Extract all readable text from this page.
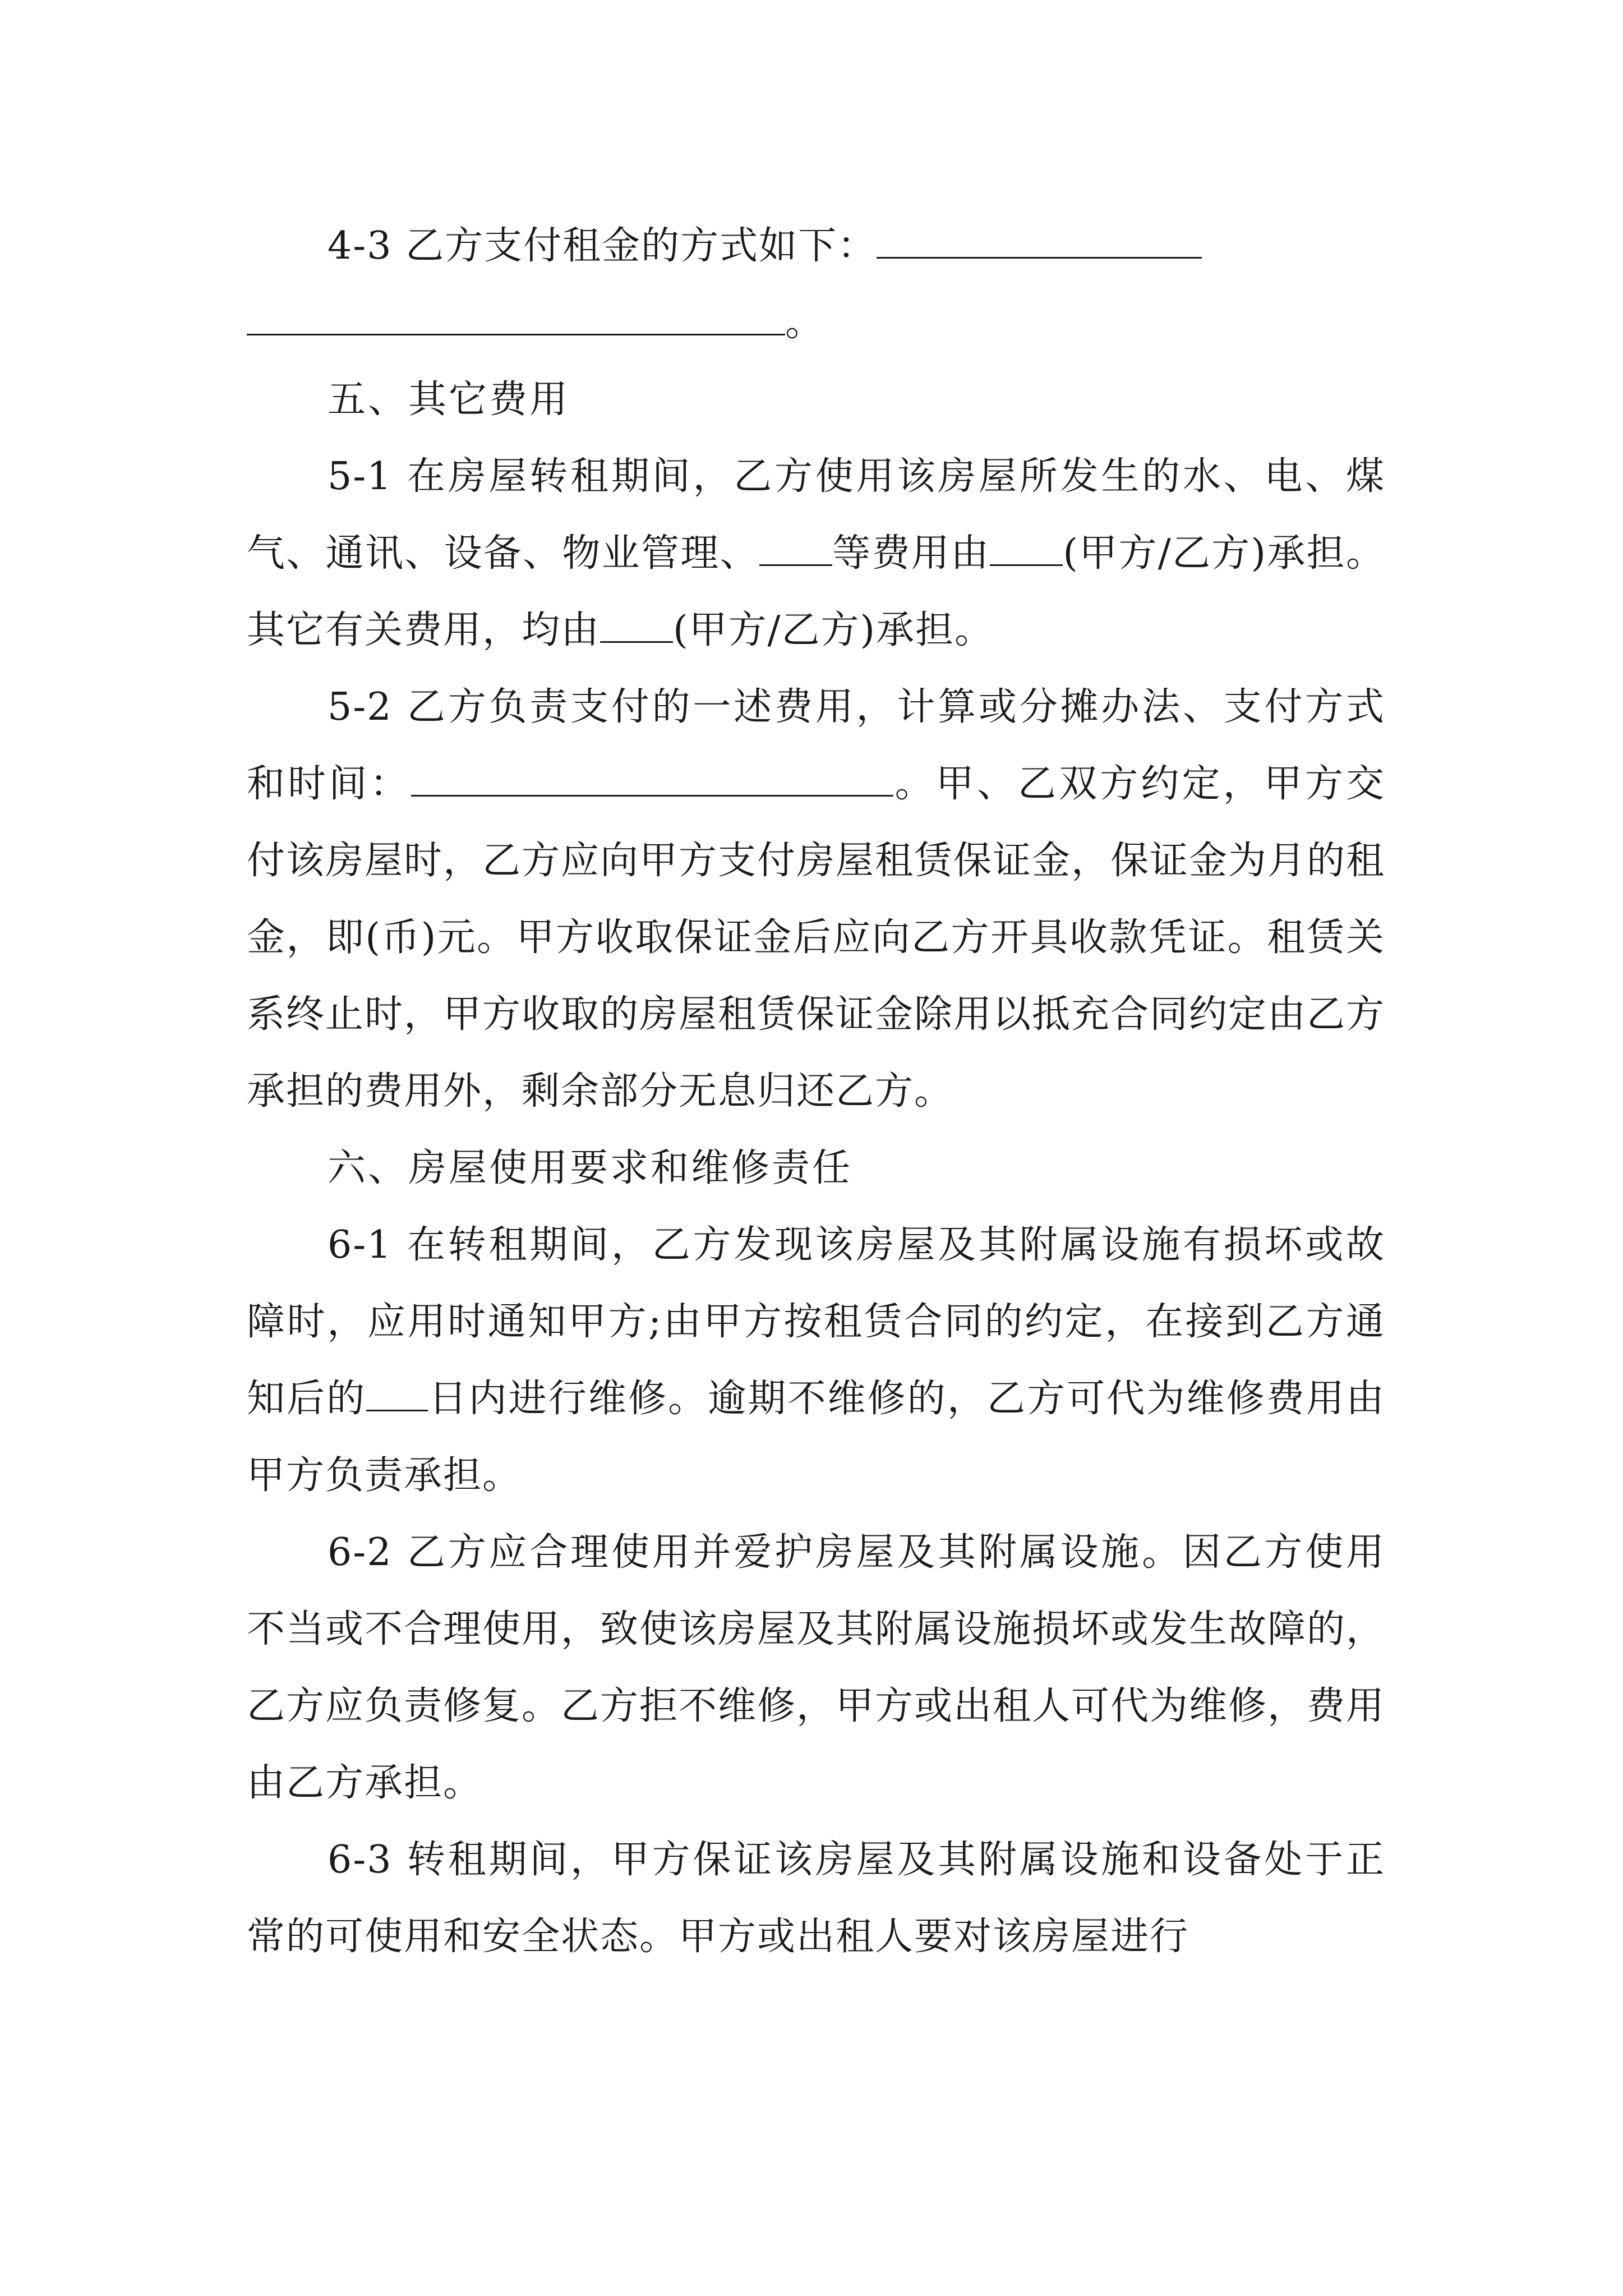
4-3 乙方支付租金的方式如下：

。

五、其它费用

5-1 在房屋转租期间，乙方使用该房屋所发生的水、电、煤气、通讯、设备、物业管理、 等费用由 (甲方/乙方)承担。其它有关费用，均由 (甲方/乙方)承担。

5-2 乙方负责支付的一述费用，计算或分摊办法、支付方式和时间：	。甲、乙双方约定，甲方交付该房屋时，乙方应向甲方支付房屋租赁保证金，保证金为月的租金，即(币)元。甲方收取保证金后应向乙方开具收款凭证。租赁关系终止时，甲方收取的房屋租赁保证金除用以抵充合同约定由乙方承担的费用外，剩余部分无息归还乙方。

六、房屋使用要求和维修责任

6-1 在转租期间，乙方发现该房屋及其附属设施有损坏或故障时，应用时通知甲方;由甲方按租赁合同的约定，在接到乙方通知后的 日内进行维修。逾期不维修的，乙方可代为维修费用由甲方负责承担。

6-2 乙方应合理使用并爱护房屋及其附属设施。因乙方使用不当或不合理使用，致使该房屋及其附属设施损坏或发生故障的，乙方应负责修复。乙方拒不维修，甲方或出租人可代为维修，费用由乙方承担。

6-3 转租期间，甲方保证该房屋及其附属设施和设备处于正常的可使用和安全状态。甲方或出租人要对该房屋进行
